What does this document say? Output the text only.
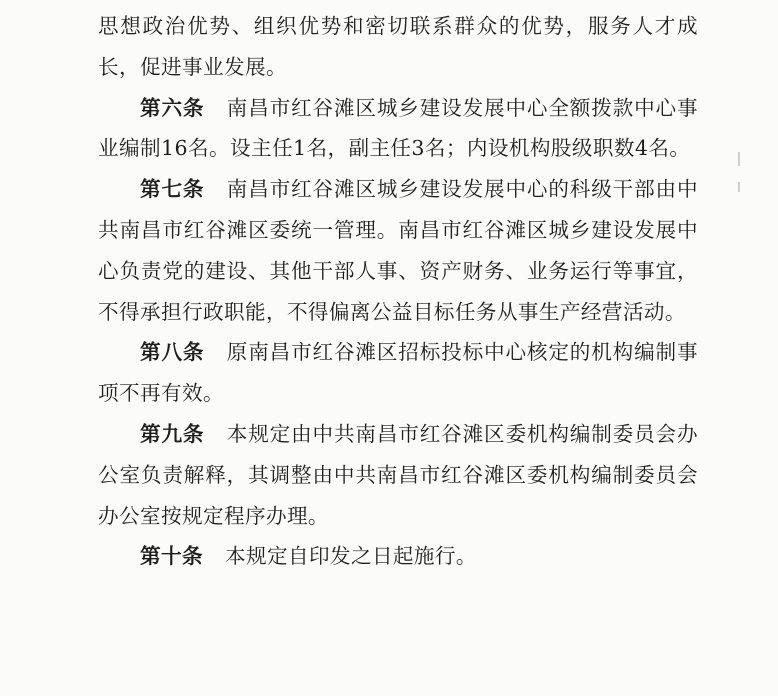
思想政治优势、组织优势和密切联系群众的优势，服务人才成长，促进事业发展。

第六条 南昌市红谷滩区城乡建设发展中心全额拨款中心事业编制16名。设主任1名，副主任3名；内设机构股级职数4名。

第七条 南昌市红谷滩区城乡建设发展中心的科级干部由中共南昌市红谷滩区委统一管理。南昌市红谷滩区城乡建设发展中心负责党的建设、其他干部人事、资产财务、业务运行等事宜，不得承担行政职能，不得偏离公益目标任务从事生产经营活动。

第八条 原南昌市红谷滩区招标投标中心核定的机构编制事项不再有效。

第九条 本规定由中共南昌市红谷滩区委机构编制委员会办公室负责解释，其调整由中共南昌市红谷滩区委机构编制委员会办公室按规定程序办理。

第十条 本规定自印发之日起施行。
